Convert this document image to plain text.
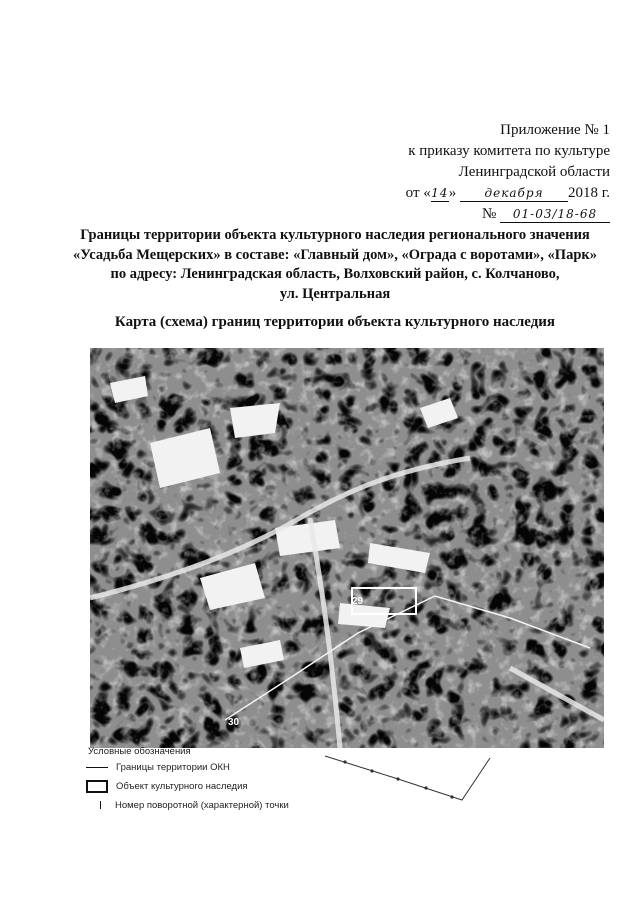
Приложение № 1
к приказу комитета по культуре
Ленинградской области
от «14» декабря 2018 г.
№ 01-03/18-68
Границы территории объекта культурного наследия регионального значения
«Усадьба Мещерских» в составе: «Главный дом», «Ограда с воротами», «Парк»
по адресу: Ленинградская область, Волховский район, с. Колчаново,
ул. Центральная
Карта (схема) границ территории объекта культурного наследия
29
30
Условные обозначения
Границы территории ОКН
Объект культурного наследия
Номер поворотной (характерной) точки
